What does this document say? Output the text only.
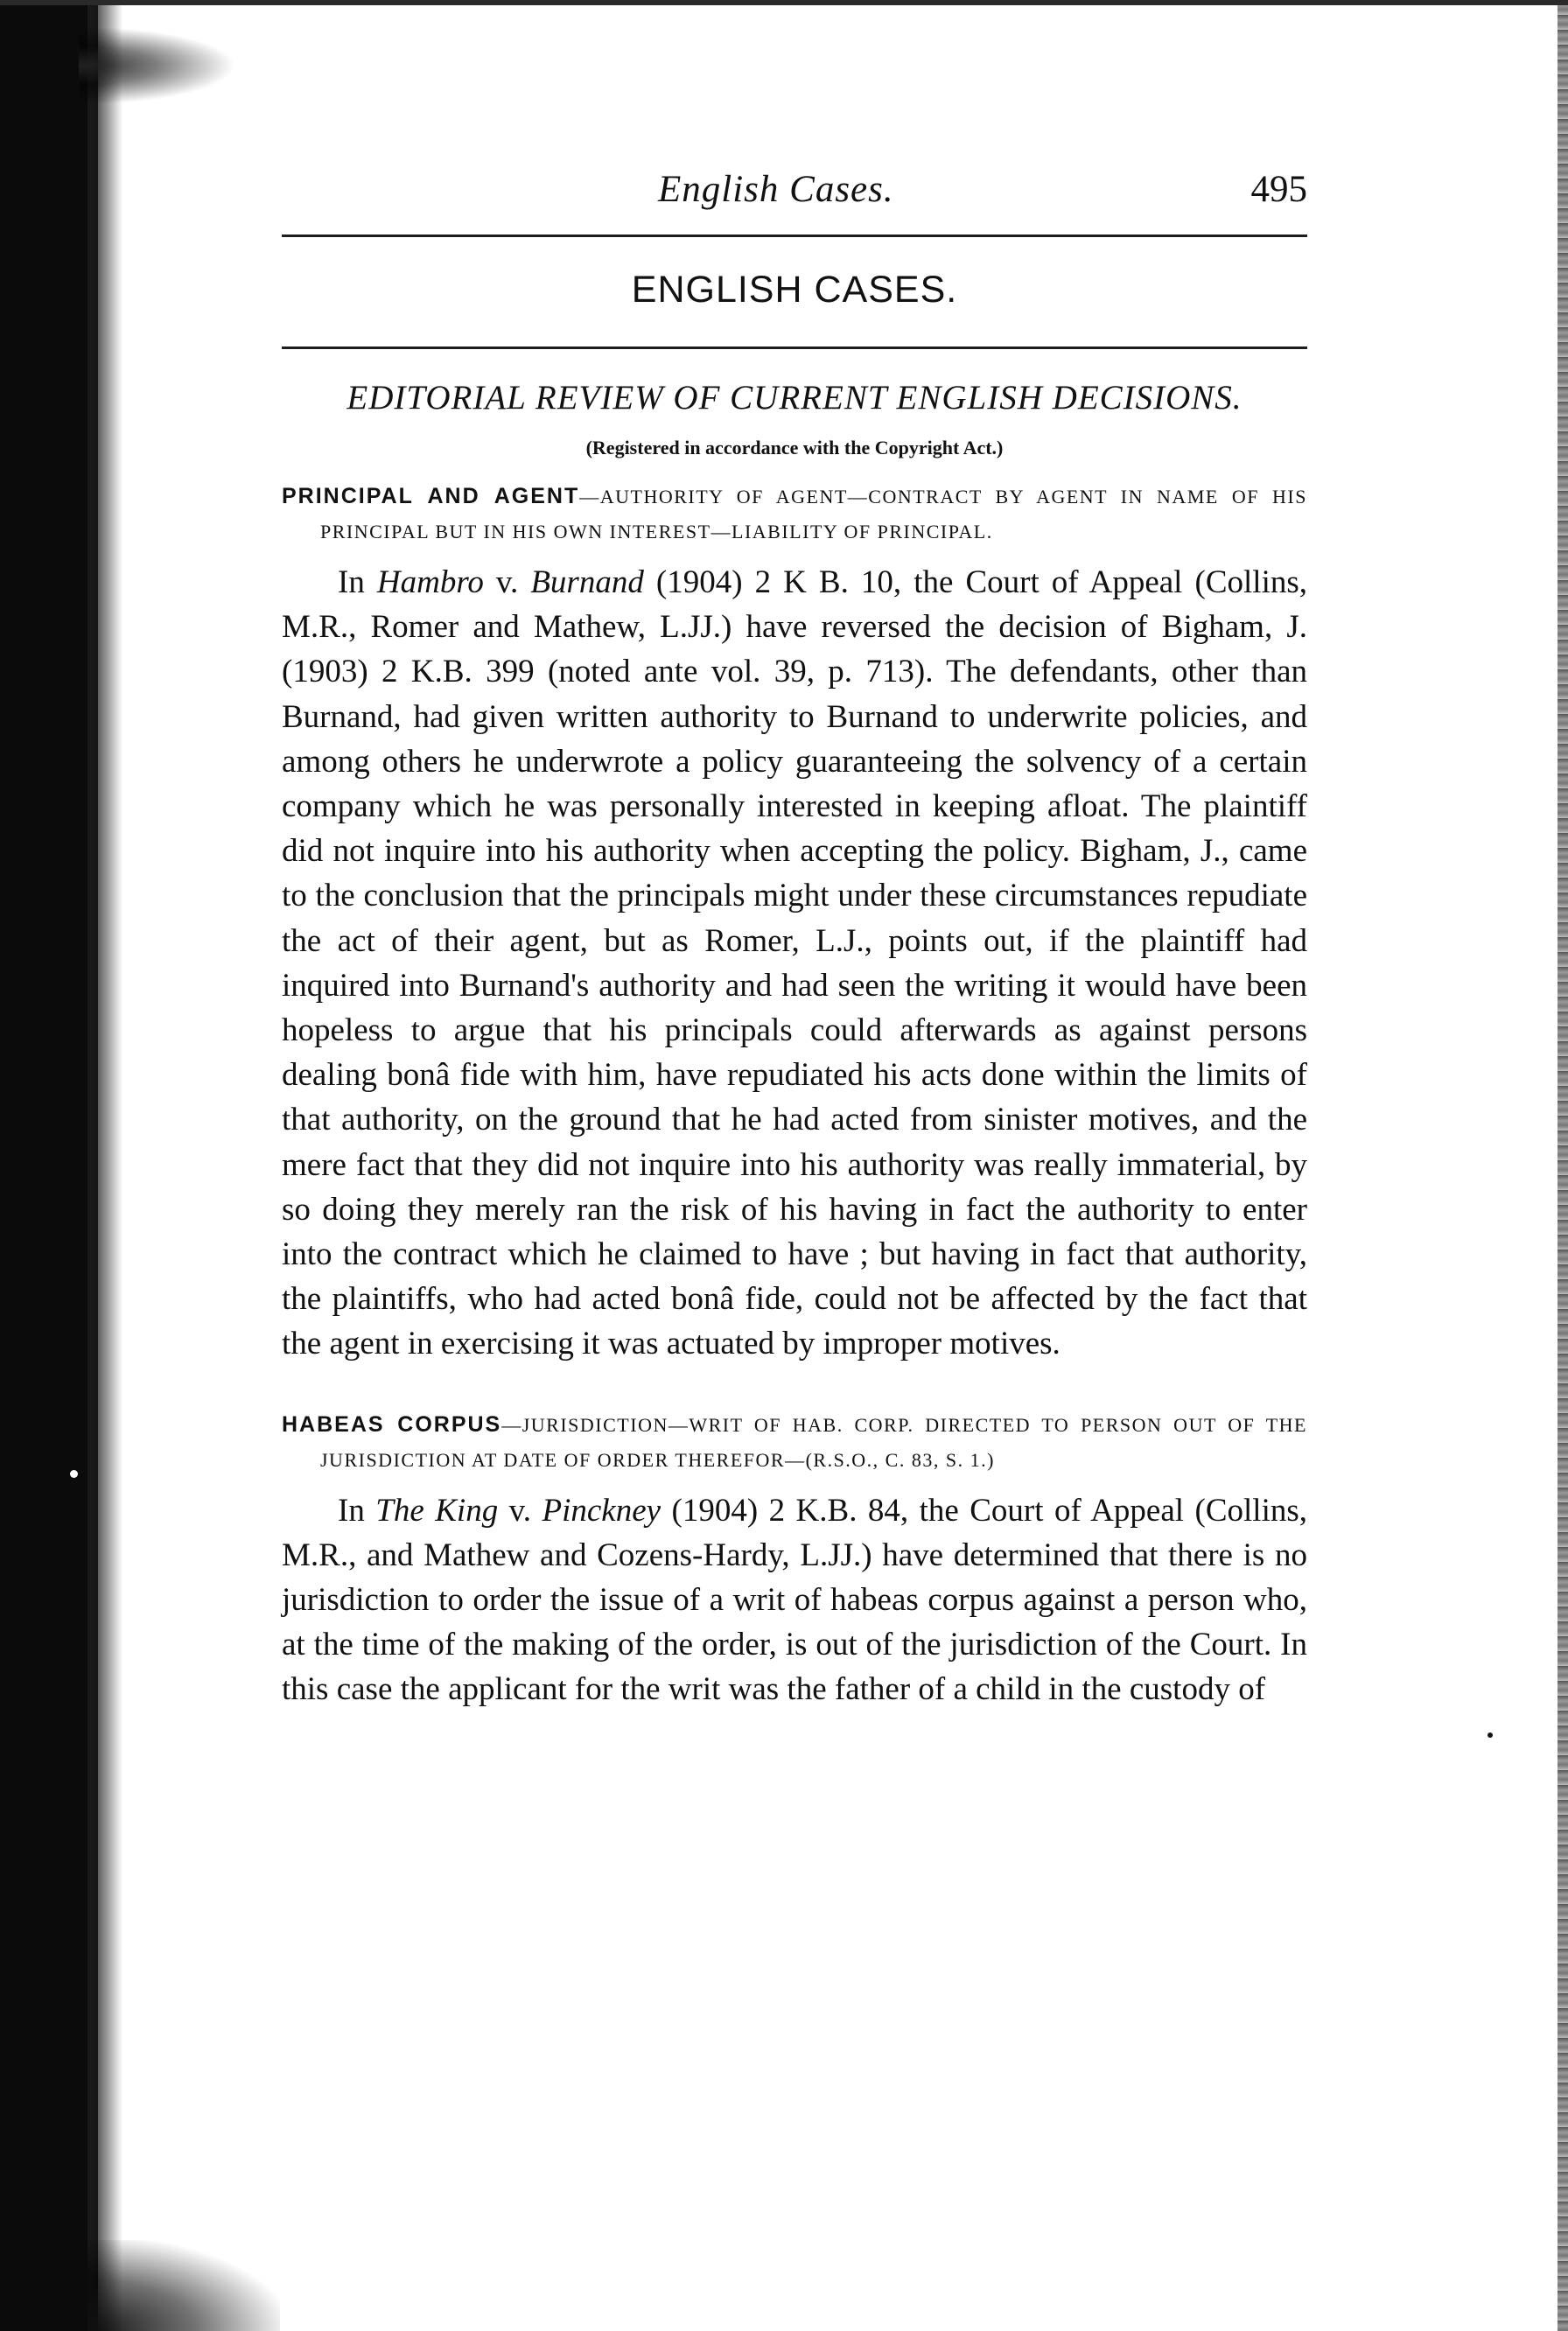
English Cases.	495
ENGLISH CASES.
EDITORIAL REVIEW OF CURRENT ENGLISH DECISIONS.
(Registered in accordance with the Copyright Act.)
PRINCIPAL AND AGENT—AUTHORITY OF AGENT—CONTRACT BY AGENT IN NAME OF HIS PRINCIPAL BUT IN HIS OWN INTEREST—LIABILITY OF PRINCIPAL.

In Hambro v. Burnand (1904) 2 K B. 10, the Court of Appeal (Collins, M.R., Romer and Mathew, L.JJ.) have reversed the decision of Bigham, J. (1903) 2 K.B. 399 (noted ante vol. 39, p. 713). The defendants, other than Burnand, had given written authority to Burnand to underwrite policies, and among others he underwrote a policy guaranteeing the solvency of a certain company which he was personally interested in keeping afloat. The plaintiff did not inquire into his authority when accepting the policy. Bigham, J., came to the conclusion that the principals might under these circumstances repudiate the act of their agent, but as Romer, L.J., points out, if the plaintiff had inquired into Burnand's authority and had seen the writing it would have been hopeless to argue that his principals could afterwards as against persons dealing bonâ fide with him, have repudiated his acts done within the limits of that authority, on the ground that he had acted from sinister motives, and the mere fact that they did not inquire into his authority was really immaterial, by so doing they merely ran the risk of his having in fact the authority to enter into the contract which he claimed to have ; but having in fact that authority, the plaintiffs, who had acted bonâ fide, could not be affected by the fact that the agent in exercising it was actuated by improper motives.

HABEAS CORPUS—JURISDICTION—WRIT OF HAB. CORP. DIRECTED TO PERSON OUT OF THE JURISDICTION AT DATE OF ORDER THEREFOR—(R.S.O., C. 83, S. 1.)

In The King v. Pinckney (1904) 2 K.B. 84, the Court of Appeal (Collins, M.R., and Mathew and Cozens-Hardy, L.JJ.) have determined that there is no jurisdiction to order the issue of a writ of habeas corpus against a person who, at the time of the making of the order, is out of the jurisdiction of the Court. In this case the applicant for the writ was the father of a child in the custody of
